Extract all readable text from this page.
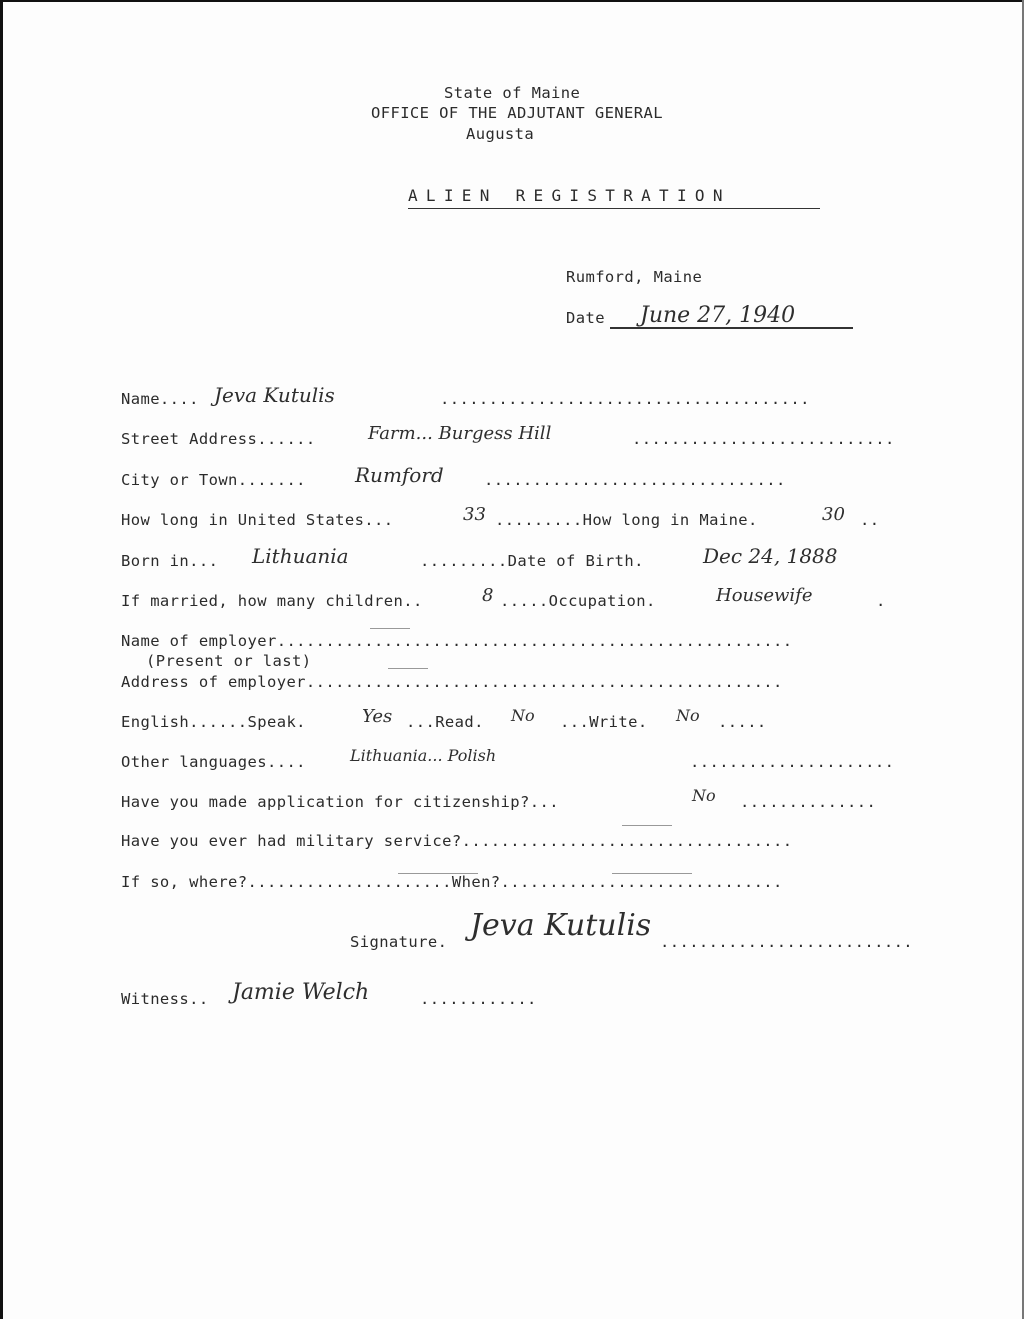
State of Maine
OFFICE OF THE ADJUTANT GENERAL
Augusta
ALIEN REGISTRATION
Rumford, Maine
Date June 27, 1940
Name.... Jeva Kutulis	......................................
Street Address......	Farm... Burgess Hill	...........................
City or Town....... Rumford	...............................
How long in United States...	33 .........How long in Maine.	30 ..
Born in... Lithuania	.........Date of Birth.	Dec 24, 1888
If married, how many children..	8 .....Occupation.	Housewife	.
Name of employer.....................................................
(Present or last)
Address of employer.................................................
English......Speak.	Yes ...Read. No ...Write. No .....
Other languages....	Lithuania... Polish	.....................
Have you made application for citizenship?...	No ..............
Have you ever had military service?..................................
If so, where?.....................When?.............................
Signature. Jeva Kutulis ..........................
Witness.. Jamie Welch	............
